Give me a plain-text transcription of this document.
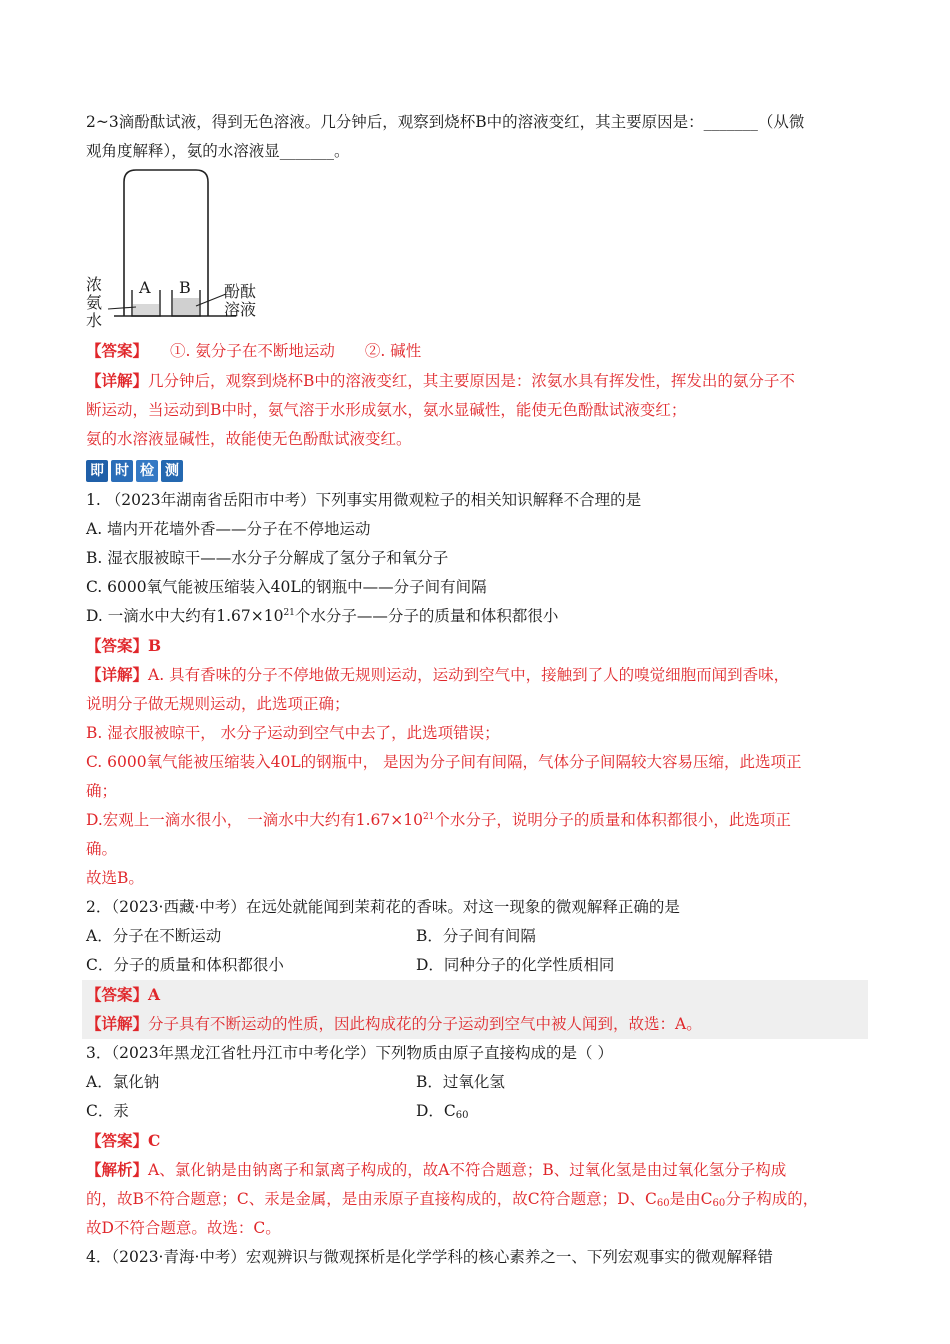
2~3滴酚酞试液，得到无色溶液。几分钟后，观察到烧杯B中的溶液变红，其主要原因是：_______（从微
观角度解释），氨的水溶液显_______。
浓
氨
水
A B 酚酞
溶液
【答案】 ①. 氨分子在不断地运动 ②. 碱性
【详解】几分钟后，观察到烧杯B中的溶液变红，其主要原因是：浓氨水具有挥发性，挥发出的氨分子不
断运动，当运动到B中时，氨气溶于水形成氨水，氨水显碱性，能使无色酚酞试液变红；
氨的水溶液显碱性，故能使无色酚酞试液变红。
即 时 检 测
1. （2023年湖南省岳阳市中考）下列事实用微观粒子的相关知识解释不合理的是
A. 墙内开花墙外香——分子在不停地运动
B. 湿衣服被晾干——水分子分解成了氢分子和氧分子
C. 6000氧气能被压缩装入40L的钢瓶中——分子间有间隔
D. 一滴水中大约有$1.67\times 10^{21}$个水分子——分子的质量和体积都很小
【答案】B
【详解】A. 具有香味的分子不停地做无规则运动，运动到空气中，接触到了人的嗅觉细胞而闻到香味，
说明分子做无规则运动，此选项正确；
B. 湿衣服被晾干， 水分子运动到空气中去了，此选项错误；
C. 6000氧气能被压缩装入40L的钢瓶中， 是因为分子间有间隔，气体分子间隔较大容易压缩，此选项正
确；
D.宏观上一滴水很小， 一滴水中大约有$1.67\times 10^{21}$个水分子，说明分子的质量和体积都很小，此选项正
确。
故选B。
2．（2023·西藏·中考）在远处就能闻到茉莉花的香味。对这一现象的微观解释正确的是
A．分子在不断运动	B．分子间有间隔
C．分子的质量和体积都很小	D．同种分子的化学性质相同
【答案】A
【详解】分子具有不断运动的性质，因此构成花的分子运动到空气中被人闻到，故选：A。
3．（2023年黑龙江省牡丹江市中考化学）下列物质由原子直接构成的是（ ）
A．氯化钠	B．过氧化氢
C．汞	D．$C_{60}$
【答案】C
【解析】A、氯化钠是由钠离子和氯离子构成的，故A不符合题意；B、过氧化氢是由过氧化氢分子构成
的，故B不符合题意；C、汞是金属，是由汞原子直接构成的，故C符合题意；D、$C_{60}$是由$C_{60}$分子构成的，
故D不符合题意。故选：C。
4．（2023·青海·中考）宏观辨识与微观探析是化学学科的核心素养之一、下列宏观事实的微观解释错
